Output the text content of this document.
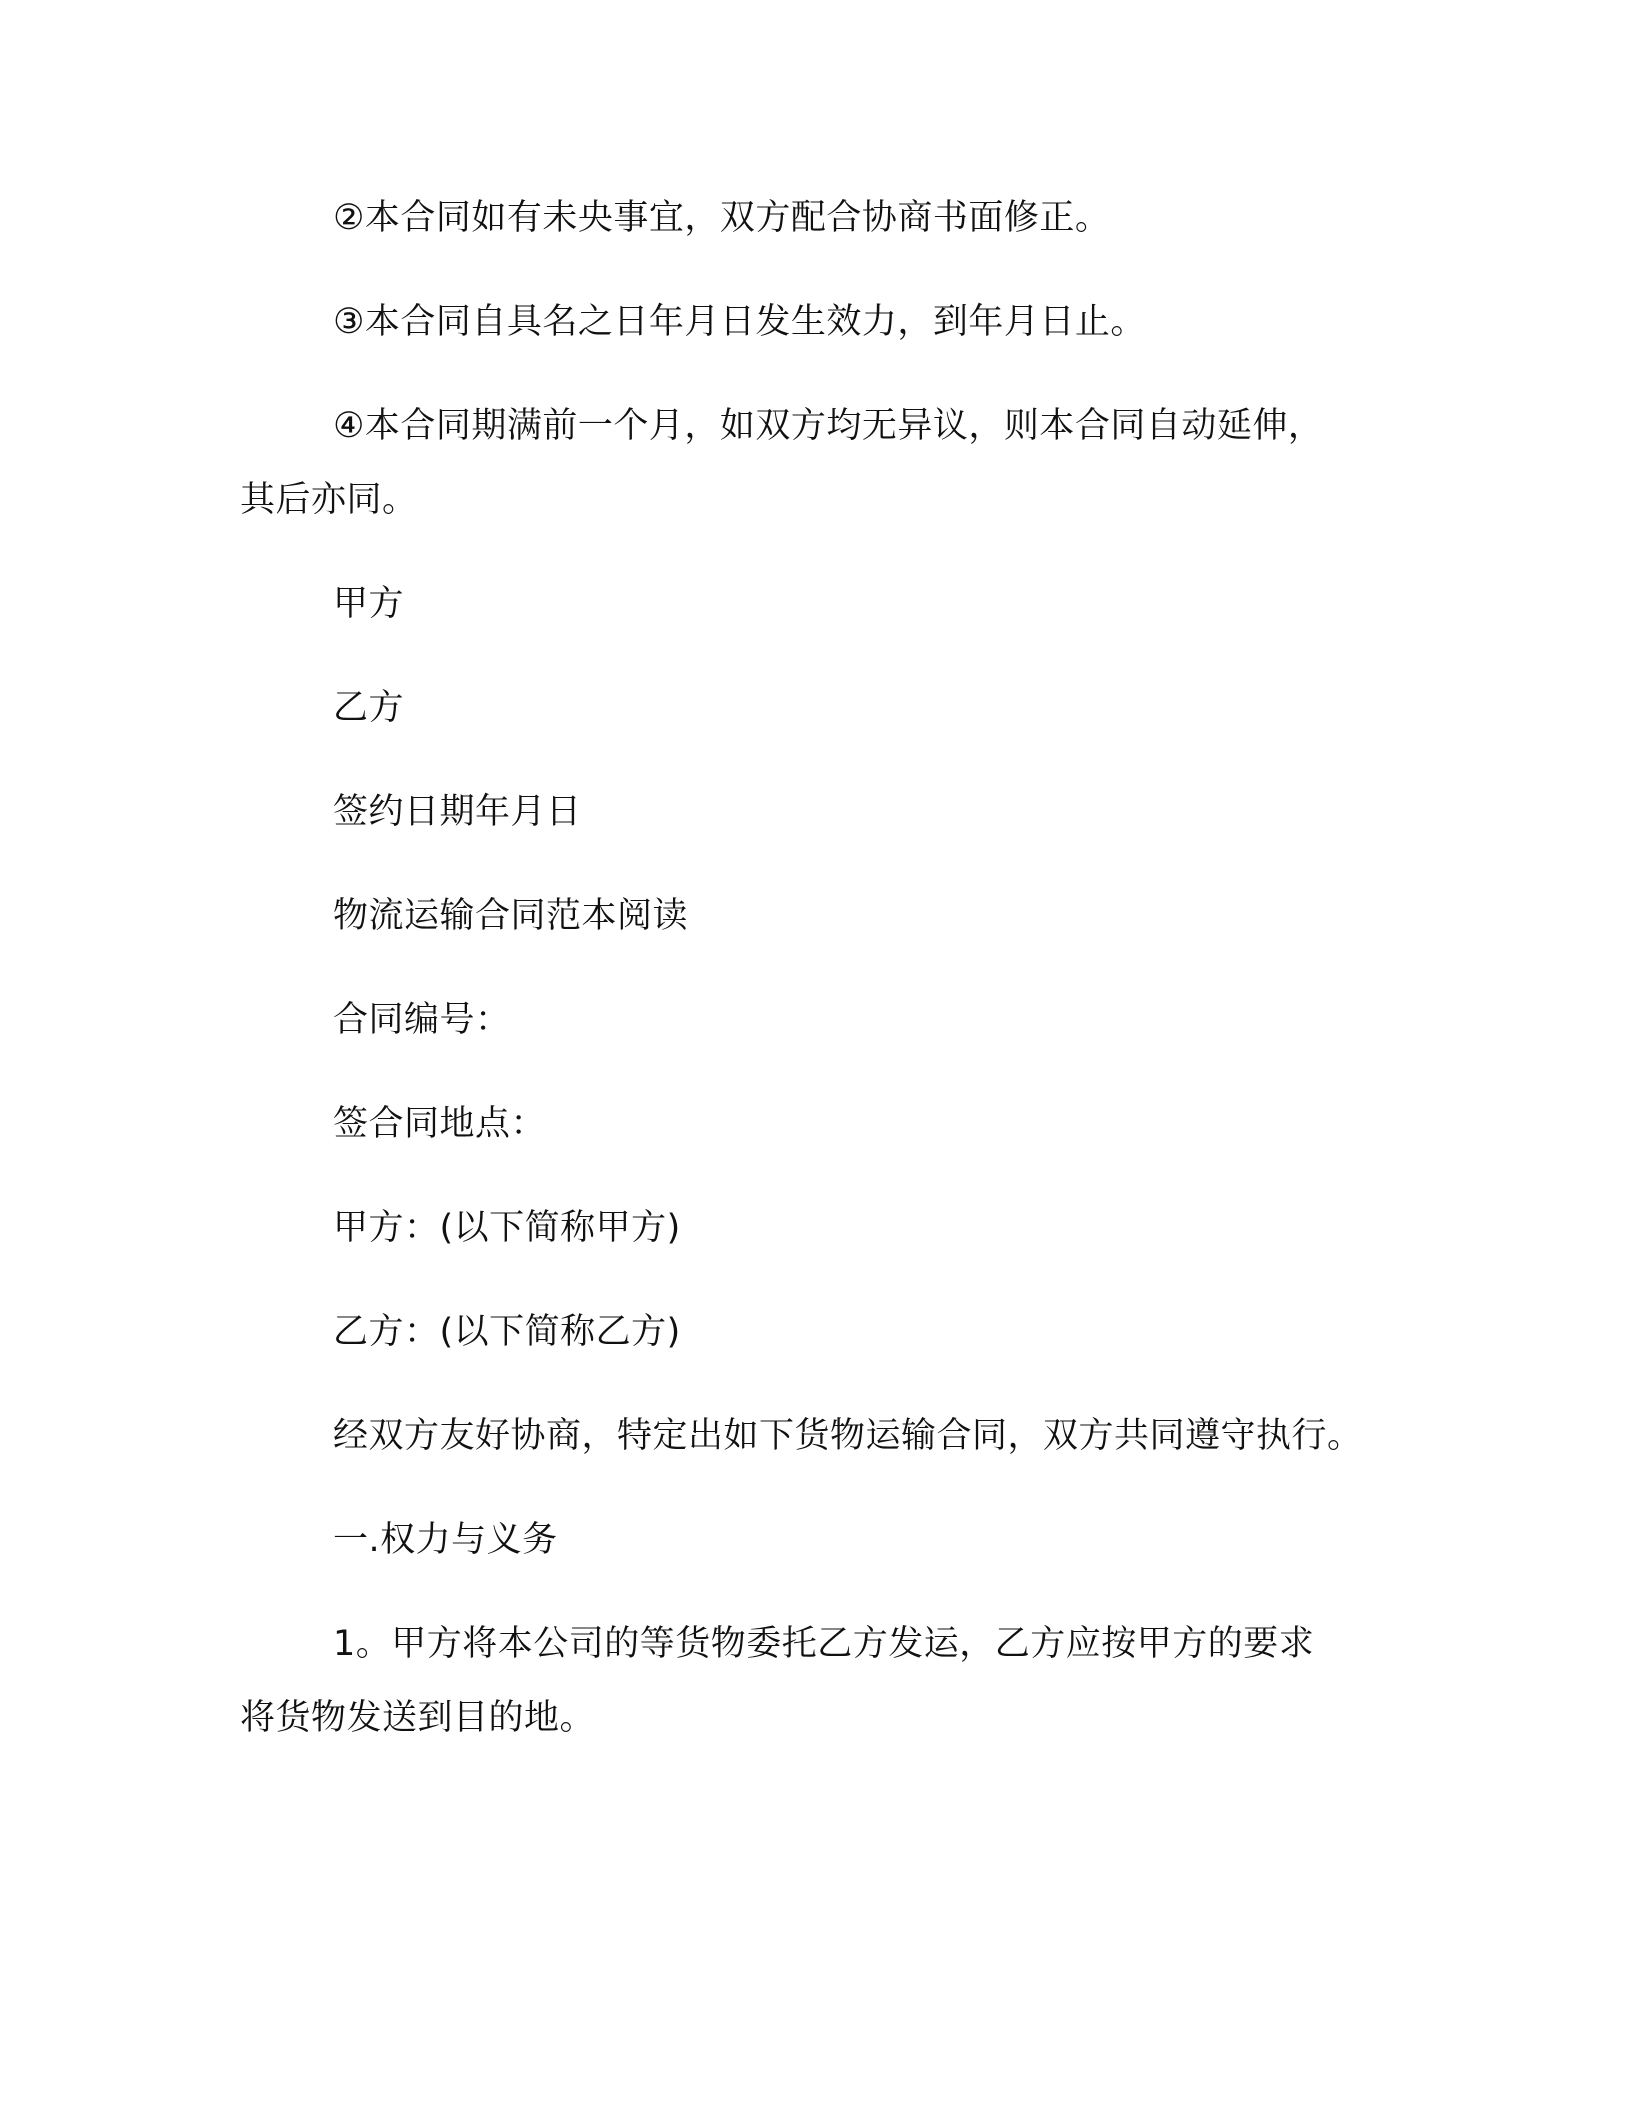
②本合同如有未央事宜，双方配合协商书面修正。
③本合同自具名之日年月日发生效力，到年月日止。
④本合同期满前一个月，如双方均无异议，则本合同自动延伸，
其后亦同。
甲方
乙方
签约日期年月日
物流运输合同范本阅读
合同编号：
签合同地点：
甲方：(以下简称甲方)
乙方：(以下简称乙方)
经双方友好协商，特定出如下货物运输合同，双方共同遵守执行。
一.权力与义务
1。甲方将本公司的等货物委托乙方发运，乙方应按甲方的要求
将货物发送到目的地。
